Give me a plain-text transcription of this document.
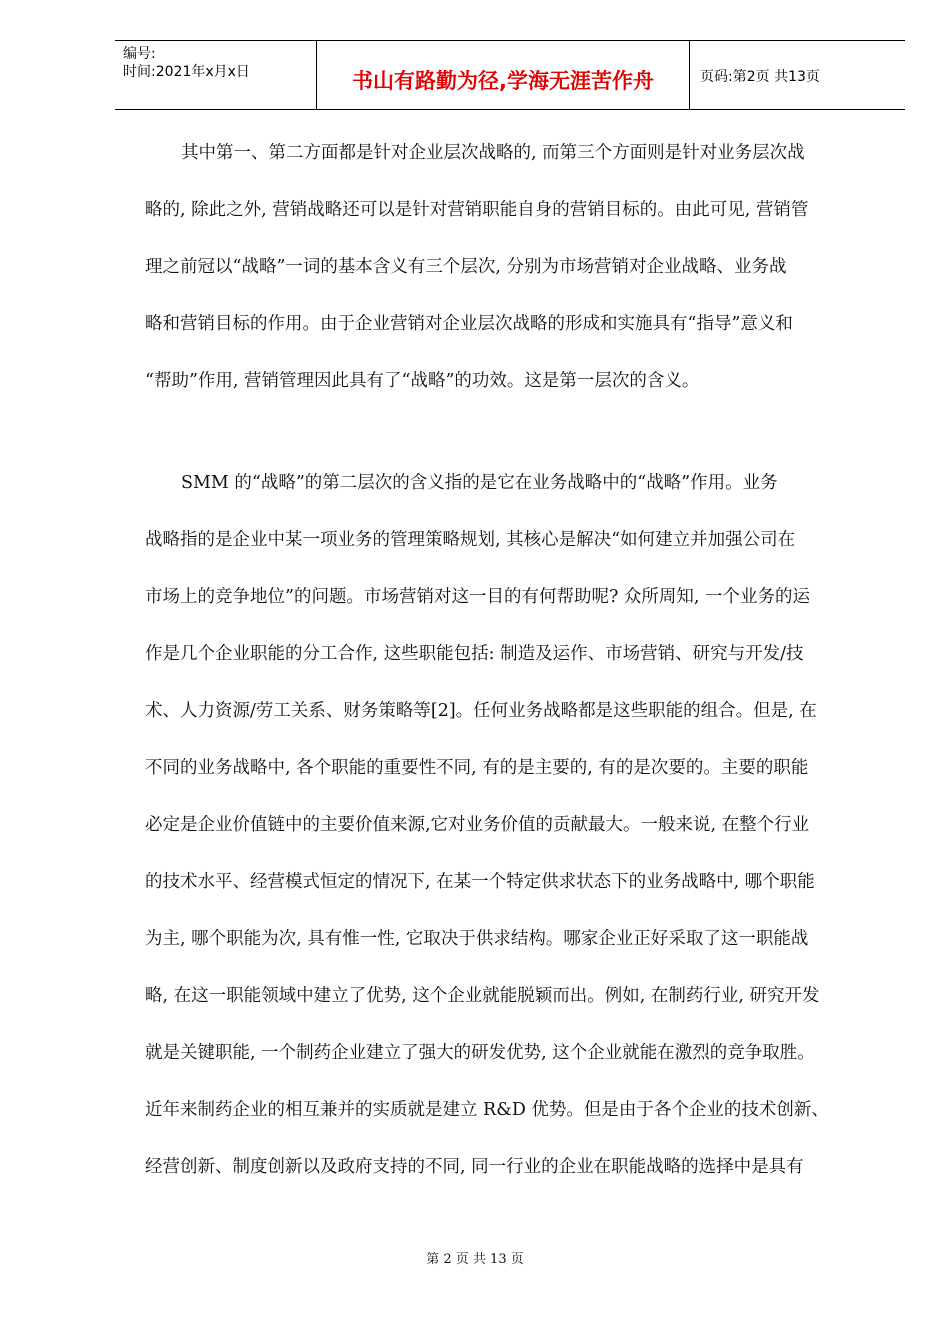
编号:
时间:2021年x月x日	书山有路勤为径,学海无涯苦作舟	页码:第2页 共13页
其中第一、第二方面都是针对企业层次战略的, 而第三个方面则是针对业务层次战
略的, 除此之外, 营销战略还可以是针对营销职能自身的营销目标的。由此可见, 营销管
理之前冠以“战略”一词的基本含义有三个层次, 分别为市场营销对企业战略、业务战
略和营销目标的作用。由于企业营销对企业层次战略的形成和实施具有“指导”意义和
“帮助”作用, 营销管理因此具有了“战略”的功效。这是第一层次的含义。
SMM 的“战略”的第二层次的含义指的是它在业务战略中的“战略”作用。业务
战略指的是企业中某一项业务的管理策略规划, 其核心是解决“如何建立并加强公司在
市场上的竞争地位”的问题。市场营销对这一目的有何帮助呢? 众所周知, 一个业务的运
作是几个企业职能的分工合作, 这些职能包括: 制造及运作、市场营销、研究与开发/技
术、人力资源/劳工关系、财务策略等[2]。任何业务战略都是这些职能的组合。但是, 在
不同的业务战略中, 各个职能的重要性不同, 有的是主要的, 有的是次要的。主要的职能
必定是企业价值链中的主要价值来源,它对业务价值的贡献最大。一般来说, 在整个行业
的技术水平、经营模式恒定的情况下, 在某一个特定供求状态下的业务战略中, 哪个职能
为主, 哪个职能为次, 具有惟一性, 它取决于供求结构。哪家企业正好采取了这一职能战
略, 在这一职能领域中建立了优势, 这个企业就能脱颖而出。例如, 在制药行业, 研究开发
就是关键职能, 一个制药企业建立了强大的研发优势, 这个企业就能在激烈的竞争取胜。
近年来制药企业的相互兼并的实质就是建立 R&D 优势。但是由于各个企业的技术创新、
经营创新、制度创新以及政府支持的不同, 同一行业的企业在职能战略的选择中是具有
第 2 页 共 13 页
